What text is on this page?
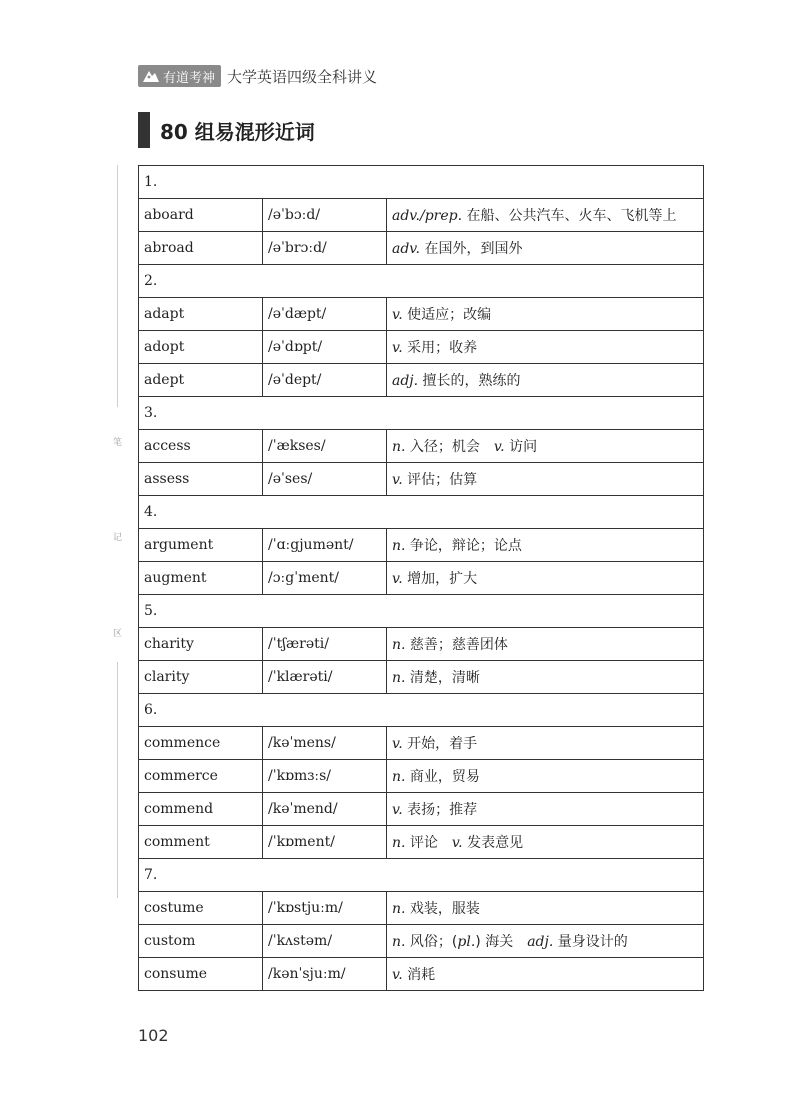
有道考神 大学英语四级全科讲义
80 组易混形近词
笔
记
区
1.		
aboard	/əˈbɔːd/	adv./prep. 在船、公共汽车、火车、飞机等上
abroad	/əˈbrɔːd/	adv. 在国外，到国外
2.		
adapt	/əˈdæpt/	v. 使适应；改编
adopt	/əˈdɒpt/	v. 采用；收养
adept	/əˈdept/	adj. 擅长的，熟练的
3.		
access	/ˈækses/	n. 入径；机会　v. 访问
assess	/əˈses/	v. 评估；估算
4.		
argument	/ˈɑːgjumənt/	n. 争论，辩论；论点
augment	/ɔːgˈment/	v. 增加，扩大
5.		
charity	/ˈtʃærəti/	n. 慈善；慈善团体
clarity	/ˈklærəti/	n. 清楚，清晰
6.		
commence	/kəˈmens/	v. 开始，着手
commerce	/ˈkɒmɜːs/	n. 商业，贸易
commend	/kəˈmend/	v. 表扬；推荐
comment	/ˈkɒment/	n. 评论　v. 发表意见
7.		
costume	/ˈkɒstjuːm/	n. 戏装，服装
custom	/ˈkʌstəm/	n. 风俗；(pl.) 海关　adj. 量身设计的
consume	/kənˈsjuːm/	v. 消耗
102
